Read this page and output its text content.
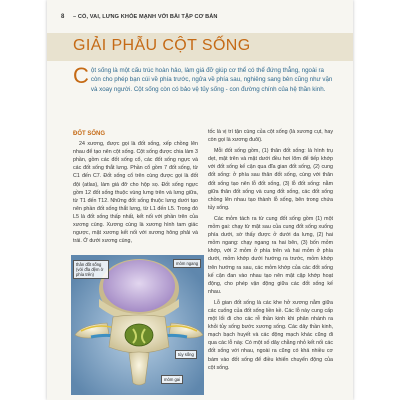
8 – CỔ, VAI, LƯNG KHỎE MẠNH VỚI BÀI TẬP CƠ BẢN
GIẢI PHẪU CỘT SỐNG
Cột sống là một cấu trúc hoàn hảo, làm giá đỡ giúp cơ thể có thể đứng thẳng, ngoài ra còn cho phép bạn cúi về phía trước, ngửa về phía sau, nghiêng sang bên cũng như vặn và xoay người. Cột sống còn có bảo vệ tủy sống - con đường chính của hệ thần kinh.
ĐỐT SỐNG

24 xương, được gọi là đốt sống, xếp chồng lên nhau để tạo nên cột sống. Cột sống được chia làm 3 phần, gồm các đốt sống cổ, các đốt sống ngực và các đốt sống thắt lưng. Phần cổ gồm 7 đốt sống, từ C1 đến C7. Đốt sống cổ trên cùng được gọi là đốt đội (atlas), làm giá đỡ cho hộp sọ. Đốt sống ngực gồm 12 đốt sống thuộc vùng lưng trên và lưng giữa, từ T1 đến T12. Những đốt sống thuộc lưng dưới tạo nên phần đốt sống thắt lưng, từ L1 đến L5. Trong đó L5 là đốt sống thấp nhất, kết nối với phần trên của xương cùng. Xương cùng là xương hình tam giác ngược, mặt xương kết nối với xương hông phải và trái. Ở dưới xương cùng,

tốc là vị trí tận cùng của cột sống (là xương cụt, hay còn gọi là xương đuôi).

Mỗi đốt sống gồm, (1) thân đốt sống: là hình trụ dẹt, mặt trên và mặt dưới đều hơi lõm để tiếp khớp với đốt sống kế cận qua đĩa gian đốt sống, (2) cung đốt sống: ở phía sau thân đốt sống, cùng với thân đốt sống tạo nên lỗ đốt sống, (3) lỗ đốt sống: nằm giữa thân đốt sống và cung đốt sống, các đốt sống chồng lên nhau tạo thành lỗ sống, bên trong chứa tủy sống.

Các mỏm tách ra từ cung đốt sống gồm (1) một mỏm gai: chạy từ mặt sau của cung đốt sống xuống phía dưới, sờ thấy được ở dưới da lưng, (2) hai mỏm ngang: chạy ngang ra hai bên, (3) bốn mỏm khớp, với 2 mỏm ở phía trên và hai mỏm ở phía dưới, mỏm khớp dưới hướng ra trước, mỏm khớp trên hướng ra sau, các mỏm khớp của các đốt sống kế cận đan vào nhau tạo nên mặt cặp khớp hoạt động, cho phép vận động giữa các đốt sống kế nhau.

Lỗ gian đốt sống là các khe hở xương nằm giữa các cuống của đốt sống liền kề. Các lỗ này cung cấp một lối đi cho các rễ thần kinh khi phân nhánh ra khỏi tủy sống bước xương sống. Các dây thần kinh, mạch bạch huyết và các động mạch khác cũng đi qua các lỗ này. Có một số dây chằng nhỏ kết nối các đốt sống với nhau, ngoài ra cũng có khá nhiều cơ bám vào đốt sống để điều khiển chuyển động của cột sống.

thân đốt sống (với đĩa đệm ở phía trên)
mỏm ngang
tủy sống
mỏm gai
